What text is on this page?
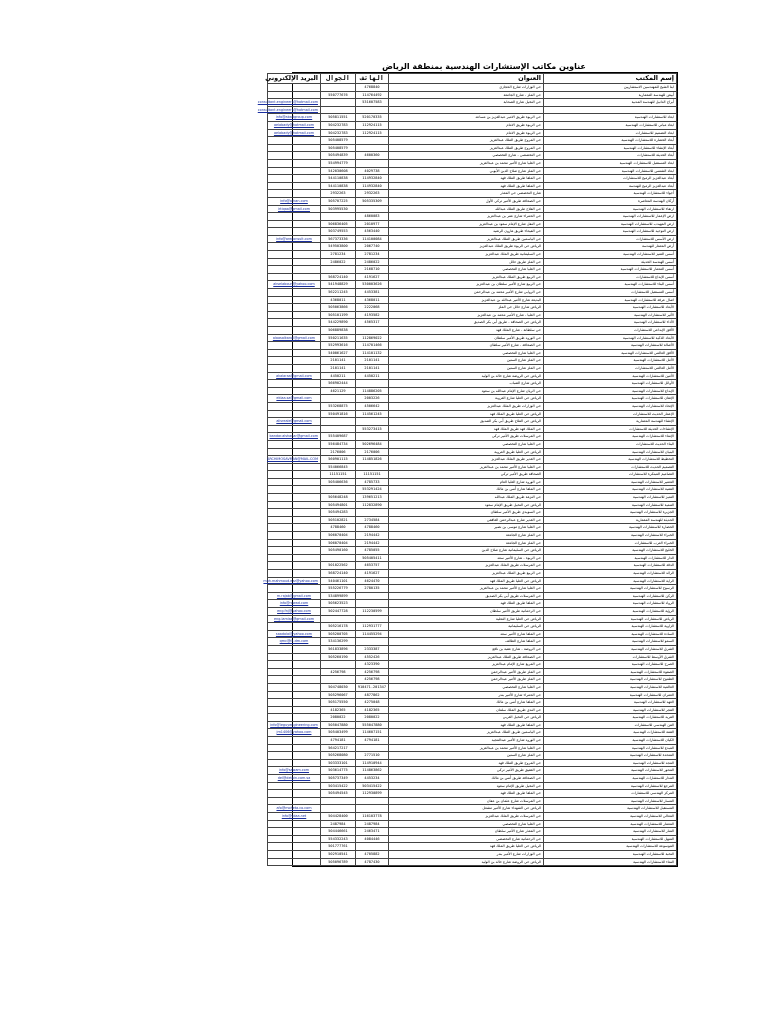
عناوين مكاتب الإستشارات الهندسية بمنطقة الرياض
إسم المكتب	العنوان	الهاتف	الجوال	البريد الإلكتروني
ابنا الشيخ للمهندسين الاستشاريين	حي الوزارات شارع الحجازي	4768840		
أبيض للهندسة المعمارية	حي الملز - شارع الجامعة	114764492	550777676	
أبراج الدانيل للهندسة المدنية	حي النخيل شارع الصحابة	531607583		consultant.engineers@hotmail.com
				consultant.engineers@hotmail.com
ابعاد للاستشارات الهندسية	حي الربوة طريق الامير عبدالعزيز بن مساعد	520170335	505811551	info@abadgroup.com
ابعاد مباني للاستشارات الهندسية	حي الربوة طريق الامام	112924115	504232783	aelabady@hotmail.com
ابعاد التصميم للاستشارات	حي الربوة طريق الامام	112924115	504232783	aelabady@hotmail.com
أبعاد الحضارة للاستشارات الهندسية	حي المروج طريق الملك عبدالعزيز		505408579	
أبعاد الإنشاء للاستشارات الهندسية	حي المروج طريق الملك عبدالعزيز		505408579	
أبعاد الحديثة للاستشارات	حي التخصصي - شارع التخصصي	4600360	505494839	
ابعاد المستقبل للاستشارات الهندسية	حي العليا شارع الأمير محمد بن عبدالعزيز		554994779	
ابعاد الشمس للاستشارات الهندسية	حي الملز شارع صلاح الدين الأيوبي	4029738	542030608	
أبعاد عبدالعزيز الرميح للاستشارات	حي الملقا طريق الملك فهد	114932840	544110838	
أبعاد عبدالعزيز الرميح للهندسة	حي الملقا طريق الملك فهد	114932840	544110838	
أجواء للاستشارات الهندسية	شارع التخصصي حي المعذر	2932263	2932263	
أركان الهندسة المعاصرة	حي الصحافة طريق الأمير تركي الأول	505335309	505707225	info@arkan.com
ارتقاء للاستشارات الهندسية	حي الفلاح طريق الملك عبدالله		503995530	irtiqaa@gmail.com
ارض الإعمار للاستشارات الهندسية	حي الحمراء شارع عمر بن عبدالعزيز	4860083		
ارض المهيدب للاستشارات الهندسية	حي النفل شارع الإمام سعود بن عبدالعزيز	2010977	506836405	
ارض التوحيد للاستشارات الهندسية	حي الفيحاء طريق هارون الرشيد	4563440	503749553	
ارض الأسس للاستشارات	حي الياسمين طريق الملك عبدالعزيز	114100084	567373336	info@areconsult.com
أرض المعمار للهندسة	الرياض حي الربوة طريق الملك عبدالعزيز	2067740	549503800	
أسس التميز للاستشارات الهندسية	حي السليمانية طريق الملك عبدالعزيز	2781234	2781234	
أسس الهندسة الحديثة	حي الملز طريق حائل	2486022	2486022	
أسس المعمار للاستشارات الهندسية	حي العليا شارع التخصصي	2168710		
أسس الإبداع للاستشارات	حي الربيع طريق الملك عبدالعزيز	4191627	568724140	
أسس البناء للاستشارات الهندسية	حي الربيع شارع الأمير سلطان بن عبدالعزيز	530003626	541948829	akselaboun@yahoo.com
أسس المستقبل للاستشارات	حي الروابي شارع الأمير محمد بن عبدالرحمن	4453381	562211245	
اصال عرفة للاستشارات الهندسية	البديعة شارع الأمير عبدالله بن عبدالعزيز	4368011	4368011	
الأبعاد للاستشارات الهندسية	الرياض شارع حائل حي الملز	2222068	505063866	
الأثير للاستشارات الهندسية	حي العليا - شارع الأمير محمد بن عبدالعزيز	4193582	505101199	
الأداء للاستشارات الهندسية	الرياض حي الصحافة - طريق أبي بكر الصديق	4565317	544229890	
الأفق الإبداعي للاستشارات	حي سلطانة - شارع الملك فهد		506889838	
الأبعاد الذكية للاستشارات الهندسية	حي الورود طريق الأمير سلطان	112869022	550211635	alaasalkanal@gmail.com
الأصالة للاستشارات الهندسية	حي الصحافة - شارع الأمير سلطان	114701466	552993616	
الأفق العالمي للاستشارات الهندسية	حي العليا شارع التخصصي	114101132	540061627	
الأمل للاستشارات الهندسية	حي الملز شارع الستين	2101141	2101141	
الأمل العالمي للاستشارات	حي الملز شارع الستين	2101141	2101141	
الأمين للاستشارات الهندسية	الرياض حي الروضة شارع خالد بن الوليد	4450211	4450211	akalaraa@gmail.com
الأوائل للاستشارات الهندسية	الرياض شارع الضباب		566902444	
الإبداع للاستشارات الهندسية	حي الريان شارع الإمام عبدالله بن سعود	114886205	4621129	
الإتقان للاستشارات الهندسية	الرياض حي العليا شارع العروبة	2003226		eklaa.sa@gmail.com
الإتحاد للاستشارات الهندسية	حي الوزارات طريق الملك عبدالعزيز	4506642	553268875	
الإعمار الحديث للاستشارات	الرياض حي العليا طريق الملك فهد	114561245	550491816	
الإنشاء للهندسة المعمارية	الرياض حي الفلاح طريق أبي بكر الصديق			alisreaie@gmail.com
الإنشاءات الحديثة للاستشارات	حي الملك فهد طريق الملك فهد	553273415		
الإنماء للاستشارات الهندسية	حي المرسلات طريق الأمير تركي		555409687	bandar.alshanar@gmail.com
البناء الحديث للاستشارات	حي العليا شارع التخصصي	502696484	556484734	
البنيان للاستشارات الهندسية	الرياض حي العليا طريق العروبة	2176006	2176006	
التخطيط للاستشارات الهندسية	حي الغدير طريق الملك عبدالعزيز	114851826	560901115	ARCHIMOSAVMAN@MAIL.COM
التصميم الحديث للاستشارات	حي العليا شارع الأمير محمد بن عبدالعزيز		554066845	
التصاميم المبتكرة للاستشارات	الصحافة طريق الأمير تركي	11151151	11151151	
التعمير للاستشارات الهندسية	حي الورود شارع العليا العام	4785733	505406636	
التقنية للاستشارات الهندسية	حي الملقا شارع أنس بن مالك	553291424		
التميز للاستشارات الهندسية	حي النزهة طريق الملك عبدالله	139651213	505648248	
التنمية للاستشارات الهندسية	الرياض حي النخيل طريق الإمام سعود	112832890	505494801	
الجزيرة للاستشارات الهندسية	حي السويدي طريق الأمير سلطان		505494283	
الحديثة للهندسة المعمارية	حي الغدير شارع عبدالرحمن الغافقي	2734584	505102821	
الحضارة للاستشارات الهندسية	حي العليا شارع موسى بن نصير	4788460	4788460	
الخبراء للاستشارات الهندسية	حي الملز شارع الجامعة	2194442	506070404	
الخبراء العرب للاستشارات	حي الملز شارع الجامعة	2194442	506070404	
الخليج للاستشارات الهندسية	الرياض حي السليمانية شارع صلاح الدين	4785055	505490160	
الدار للاستشارات الهندسية	حي الربوة - شارع الأمير سعد	505405411		
الدقة للاستشارات الهندسية	حي المرسلات طريق الملك عبدالعزيز	4653757	501022562	
الرائد للاستشارات الهندسية	حي الربيع طريق الملك عبدالعزيز	4191627	568724140	
الراية للاستشارات الهندسية	الرياض حي العليا طريق الملك فهد	4624470	540461101	moh.mahmoud.ezz@yahoo.com
الرسوخ للاستشارات الهندسية	حي العليا شارع الأمير محمد بن عبدالعزيز	2780135	555226779	
الركن للاستشارات الهندسية	حي المرسلات طريق أبي بكر الصديق		534899899	m.rajab@gmail.com
الرواد للاستشارات الهندسية	حي الملقا طريق الملك فهد		505623523	info@rowad.com
الرؤية للاستشارات الهندسية	حي الرحمانية طريق الأمير سلطان	112230599	502447728	eng.fnj@yahoo.com
الرياض للاستشارات الهندسية	الرياض حي العليا شارع التحلية			eng.lamiaa@gmail.com
الزاوية للاستشارات الهندسية	الرياض حي السليمانية	112931777	505216178	
السادة للاستشارات الهندسية	حي الملقا شارع الأمير سعد	114455294	505200705	saadolai@yahoo.com
السمو للاستشارات الهندسية	حي الملقا شارع الطائف		534136299	qmc@fz-dm.com
الشرق للاستشارات الهندسية	حي الروضة - شارع عقبة بن نافع	2333387	561833896	
الشرق الأوسط للاستشارات	حي الصحافة طريق الملك عبدالعزيز	4552426	505260190	
الصرح للاستشارات الهندسية	حي المربع شارع الإمام عبدالعزيز	4323390		
الصفوة للاستشارات الهندسية	حي الملز طريق الأمير عبدالرحمن	4256798	4256798	
الطموح للاستشارات الهندسية	حي الملز طريق الأمير عبدالرحمن	4256798		
العالمية للاستشارات الهندسية	حي العليا شارع التخصصي	910471-201347	504748030	
العمران للاستشارات الهندسية	حي الحمراء شارع الأمير بندر	4877862	505296067	
العهد للاستشارات الهندسية	حي الملقا شارع أنس بن مالك	4275048	505175550	
الفجر للاستشارات الهندسية	حي الندى طريق الملك سلمان	4182365	4182365	
الفريد للاستشارات الهندسية	الرياض حي النخيل الغربي	2080022	2080022	
الفن الهندسي للاستشارات	حي الملقا طريق الملك فهد	555047880	505047880	info@leguyengineering.com
القمة للاستشارات الهندسية	حي الياسمين طريق الملك عبدالعزيز	114607151	505403499	jm1406@yahoo.com
الكيان للاستشارات الهندسية	حي الورود شارع الأمير عبدالمجيد	4794181	4794181	
المبدع للاستشارات الهندسية	حي العليا شارع الأمير محمد بن عبدالعزيز		564217217	
المتحدة للاستشارات الهندسية	حي الملز شارع الستين	2771510	505268080	
المجد للاستشارات الهندسية	حي المروج طريق الملك فهد	114910944	503333101	
المحور للاستشارات الهندسية	حي العقيق طريق الأمير تركي	114863862	503614775	info@sawam.com
المدار للاستشارات الهندسية	حي الصحافة طريق أنس بن مالك	4453234	505737349	del@detain.com.sa
المرجع للاستشارات الهندسية	حي النخيل طريق الإمام سعود	503415422	503415422	
المركز الهندسي للاستشارات	حي الملقا طريق الملك فهد	112930899	505494545	
المسار للاستشارات الهندسية	حي المرسلات شارع عثمان بن عفان			
المستقبل للاستشارات الهندسية	الرياض حي الشهداء شارع الأمير مشعل			afo@moheta.co.com
المعالي للاستشارات الهندسية	حي المرسلات طريق الملك عبدالعزيز	116103778	504428400	info@sdaa.net
المعمار للاستشارات الهندسية	حي العليا شارع التخصصي	2487984	2487984	
المنار للاستشارات الهندسية	حي المعذر شارع الأمير سلطان	2463471	504446661	
المنهل للاستشارات الهندسية	حي الرحمانية شارع التخصصي	4084446	554332243	
الموسوعة للاستشارات الهندسية	الرياض حي العليا طريق الملك فهد		501777761	
النخبة للاستشارات الهندسية	حي الوزارات شارع الأمير بندر	4705882	502910541	
النماء للاستشارات الهندسية	الرياض حي الروضة شارع خالد بن الوليد	4787430	505096789	
